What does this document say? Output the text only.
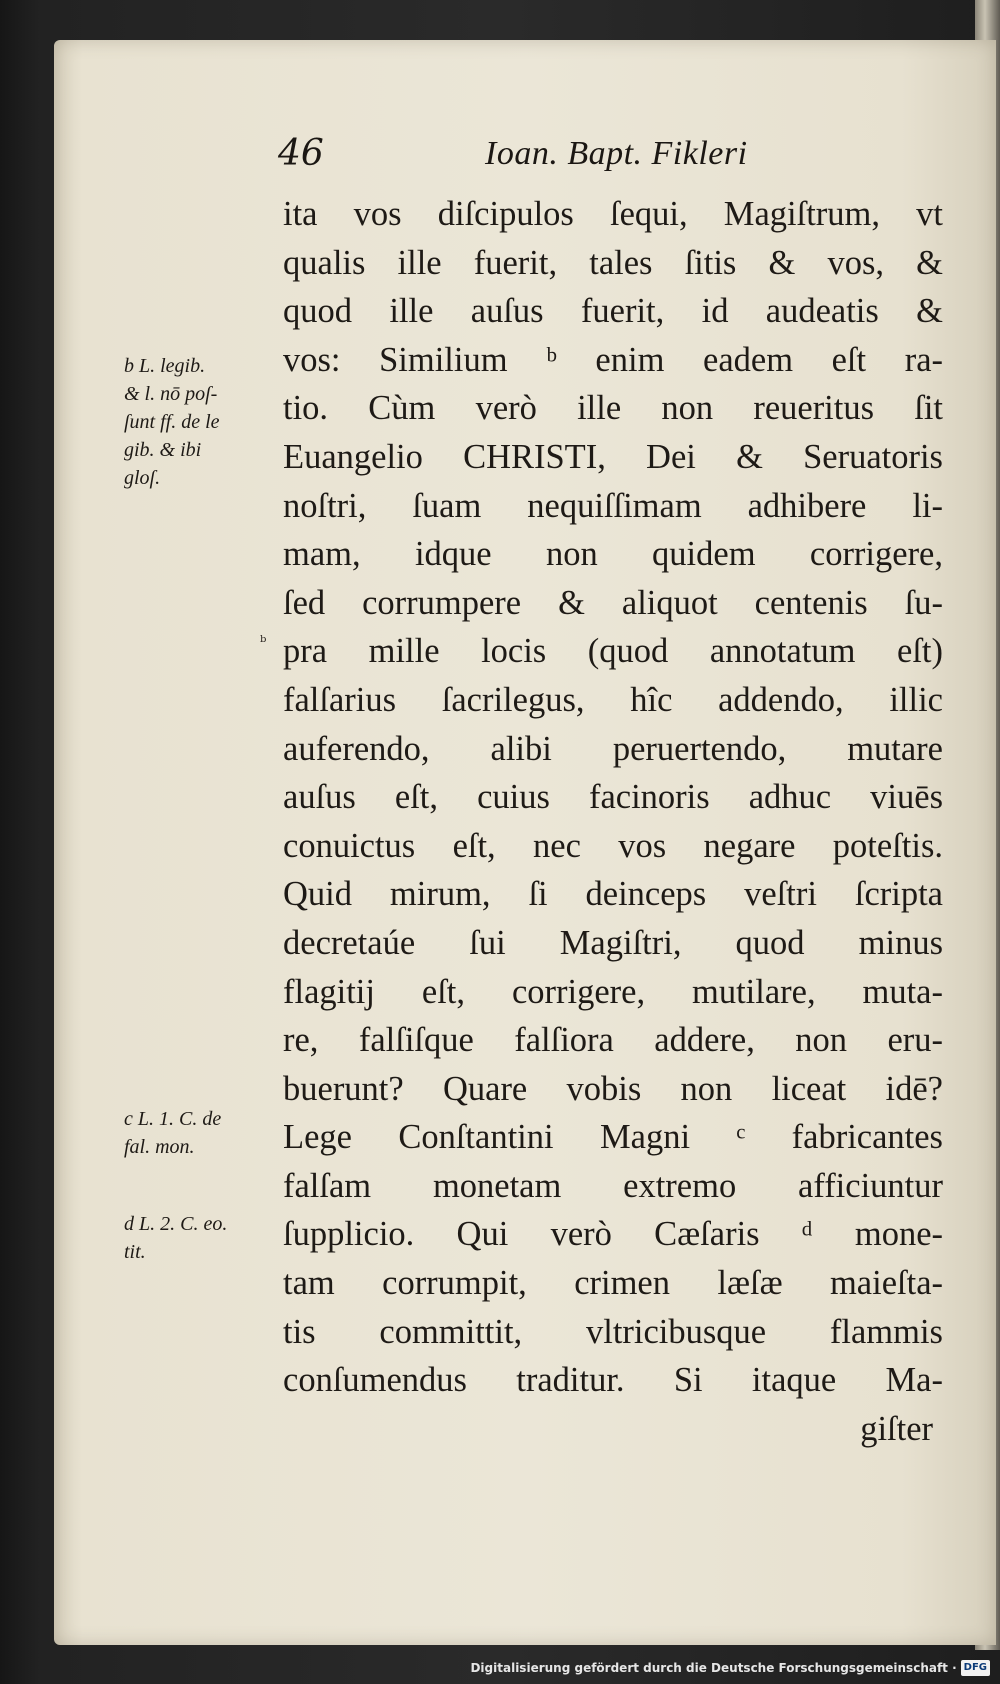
46	Ioan. Bapt. Fikleri
b L. legib.
& l. nō poſ-
ſunt ff. de le
gib. & ibi
gloſ.
ᵇ
c L. 1. C. de
fal. mon.
d L. 2. C. eo.
tit.
ita vos diſcipulos ſequi, Magiſtrum, vt
qualis ille fuerit, tales ſitis & vos, &
quod ille auſus fuerit, id audeatis &
vos: Similium ᵇ enim eadem eſt ra-
tio. Cùm verò ille non reueritus ſit
Euangelio CHRISTI, Dei & Seruatoris
noſtri, ſuam nequiſſimam adhibere li-
mam, idque non quidem corrigere,
ſed corrumpere & aliquot centenis ſu-
pra mille locis (quod annotatum eſt)
falſarius ſacrilegus, hîc addendo, illic
auferendo, alibi peruertendo, mutare
auſus eſt, cuius facinoris adhuc viuēs
conuictus eſt, nec vos negare poteſtis.
Quid mirum, ſi deinceps veſtri ſcripta
decretaúe ſui Magiſtri, quod minus
flagitij eſt, corrigere, mutilare, muta-
re, falſiſque falſiora addere, non eru-
buerunt? Quare vobis non liceat idē?
Lege Conſtantini Magni ᶜ fabricantes
falſam monetam extremo afficiuntur
ſupplicio. Qui verò Cæſaris ᵈ mone-
tam corrumpit, crimen læſæ maieſta-
tis committit, vltricibusque flammis
conſumendus traditur. Si itaque Ma-
giſter
Digitalisierung gefördert durch die Deutsche Forschungsgemeinschaft · DFG
